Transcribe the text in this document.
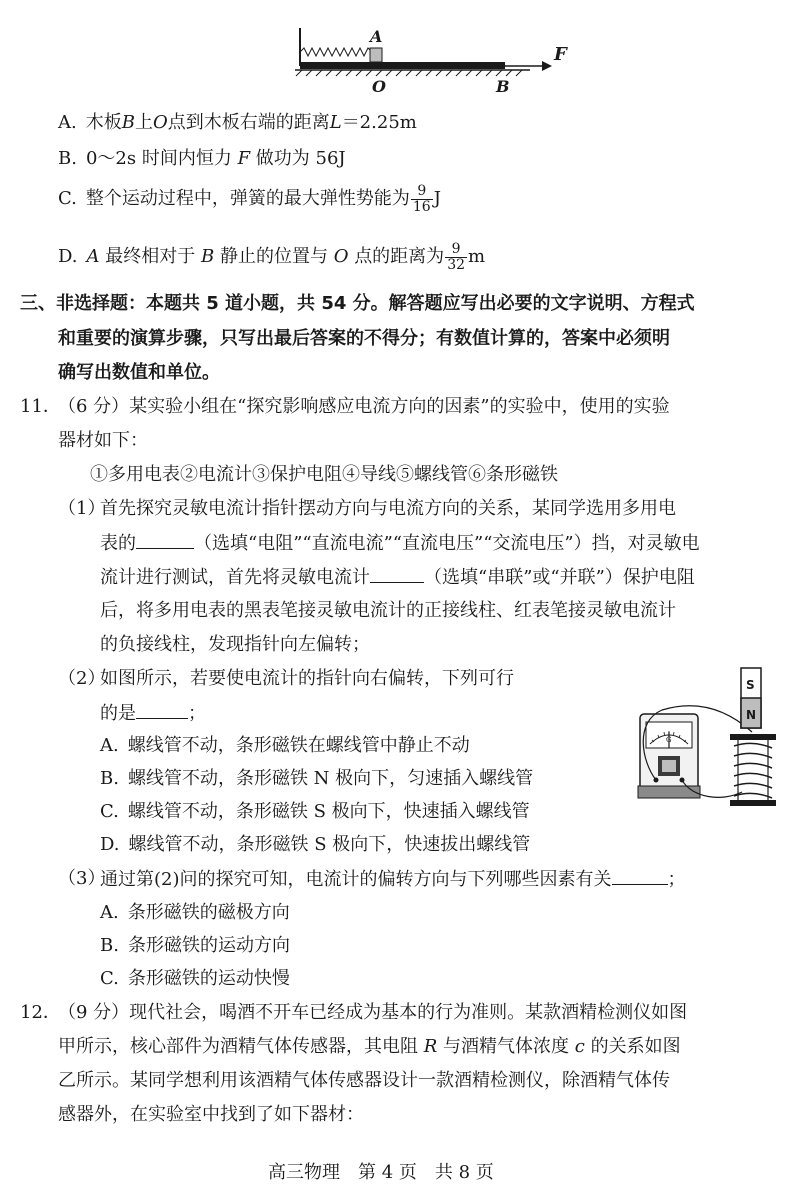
A
O	B
F
A.  木板B上O点到木板右端的距离L＝2.25m
B.  0～2s 时间内恒力 F 做功为 56J
C.  整个运动过程中，弹簧的最大弹性势能为 $\frac{9}{16}$ J
D.  A 最终相对于 B 静止的位置与 O 点的距离为 $\frac{9}{32}$ m
三、非选择题：本题共 5 道小题，共 54 分。解答题应写出必要的文字说明、方程式
和重要的演算步骤，只写出最后答案的不得分；有数值计算的，答案中必须明
确写出数值和单位。
11．
（6 分）某实验小组在“探究影响感应电流方向的因素”的实验中，使用的实验
器材如下：
①多用电表②电流计③保护电阻④导线⑤螺线管⑥条形磁铁
（1）
首先探究灵敏电流计指针摆动方向与电流方向的关系，某同学选用多用电
表的	（选填“电阻”“直流电流”“直流电压”“交流电压”）挡，对灵敏电
流计进行测试，首先将灵敏电流计	（选填“串联”或“并联”）保护电阻
后，将多用电表的黑表笔接灵敏电流计的正接线柱、红表笔接灵敏电流计
的负接线柱，发现指针向左偏转；
（2）
如图所示，若要使电流计的指针向右偏转，下列可行
的是	；
A.  螺线管不动，条形磁铁在螺线管中静止不动
B.  螺线管不动，条形磁铁 N 极向下，匀速插入螺线管
C.  螺线管不动，条形磁铁 S 极向下，快速插入螺线管
D.  螺线管不动，条形磁铁 S 极向下，快速拔出螺线管
G
S
N
（3）
通过第(2)问的探究可知，电流计的偏转方向与下列哪些因素有关	；
A.  条形磁铁的磁极方向
B.  条形磁铁的运动方向
C.  条形磁铁的运动快慢
12．
（9 分）现代社会，喝酒不开车已经成为基本的行为准则。某款酒精检测仪如图
甲所示，核心部件为酒精气体传感器，其电阻 R 与酒精气体浓度 c 的关系如图
乙所示。某同学想利用该酒精气体传感器设计一款酒精检测仪，除酒精气体传
感器外，在实验室中找到了如下器材：
高三物理　第 4 页　共 8 页
